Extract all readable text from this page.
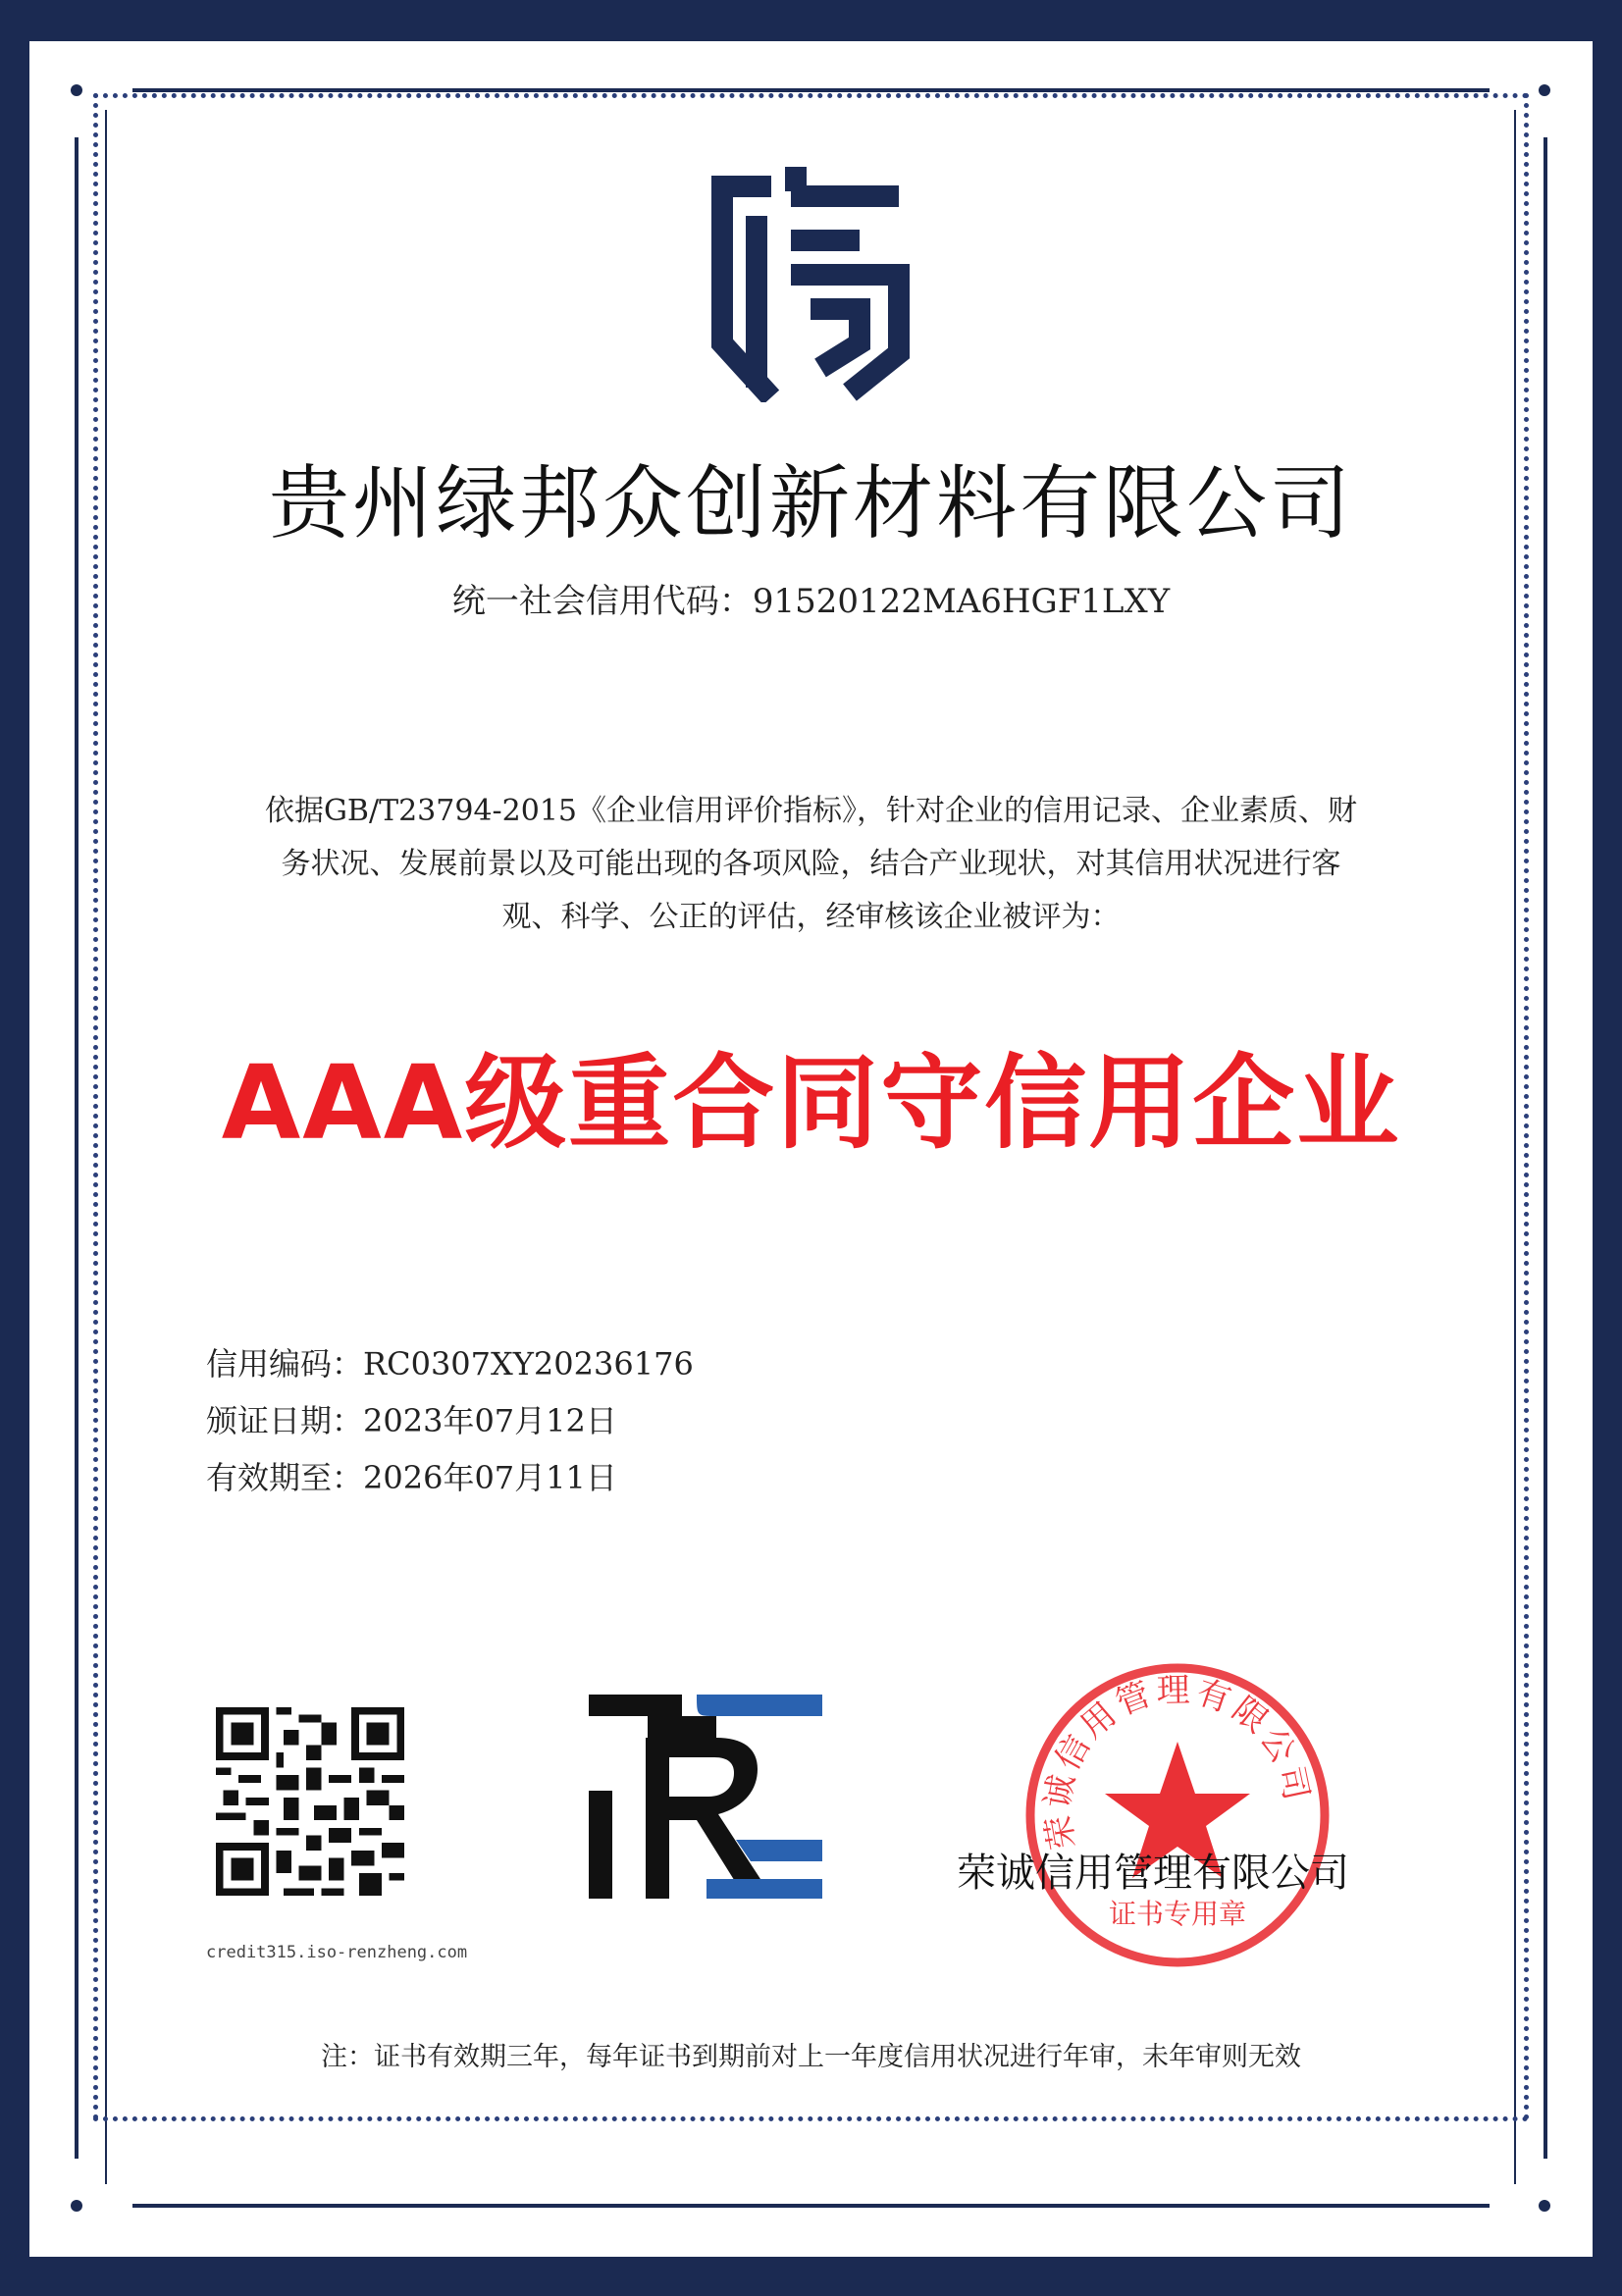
贵州绿邦众创新材料有限公司
统一社会信用代码：91520122MA6HGF1LXY
依据GB/T23794-2015《企业信用评价指标》，针对企业的信用记录、企业素质、财
务状况、发展前景以及可能出现的各项风险，结合产业现状，对其信用状况进行客
观、科学、公正的评估，经审核该企业被评为：
AAA级重合同守信用企业
信用编码：RC0307XY20236176
颁证日期：2023年07月12日
有效期至：2026年07月11日
credit315.iso-renzheng.com
荣诚信用管理有限公司
证书专用章
荣诚信用管理有限公司
注：证书有效期三年，每年证书到期前对上一年度信用状况进行年审，未年审则无效
